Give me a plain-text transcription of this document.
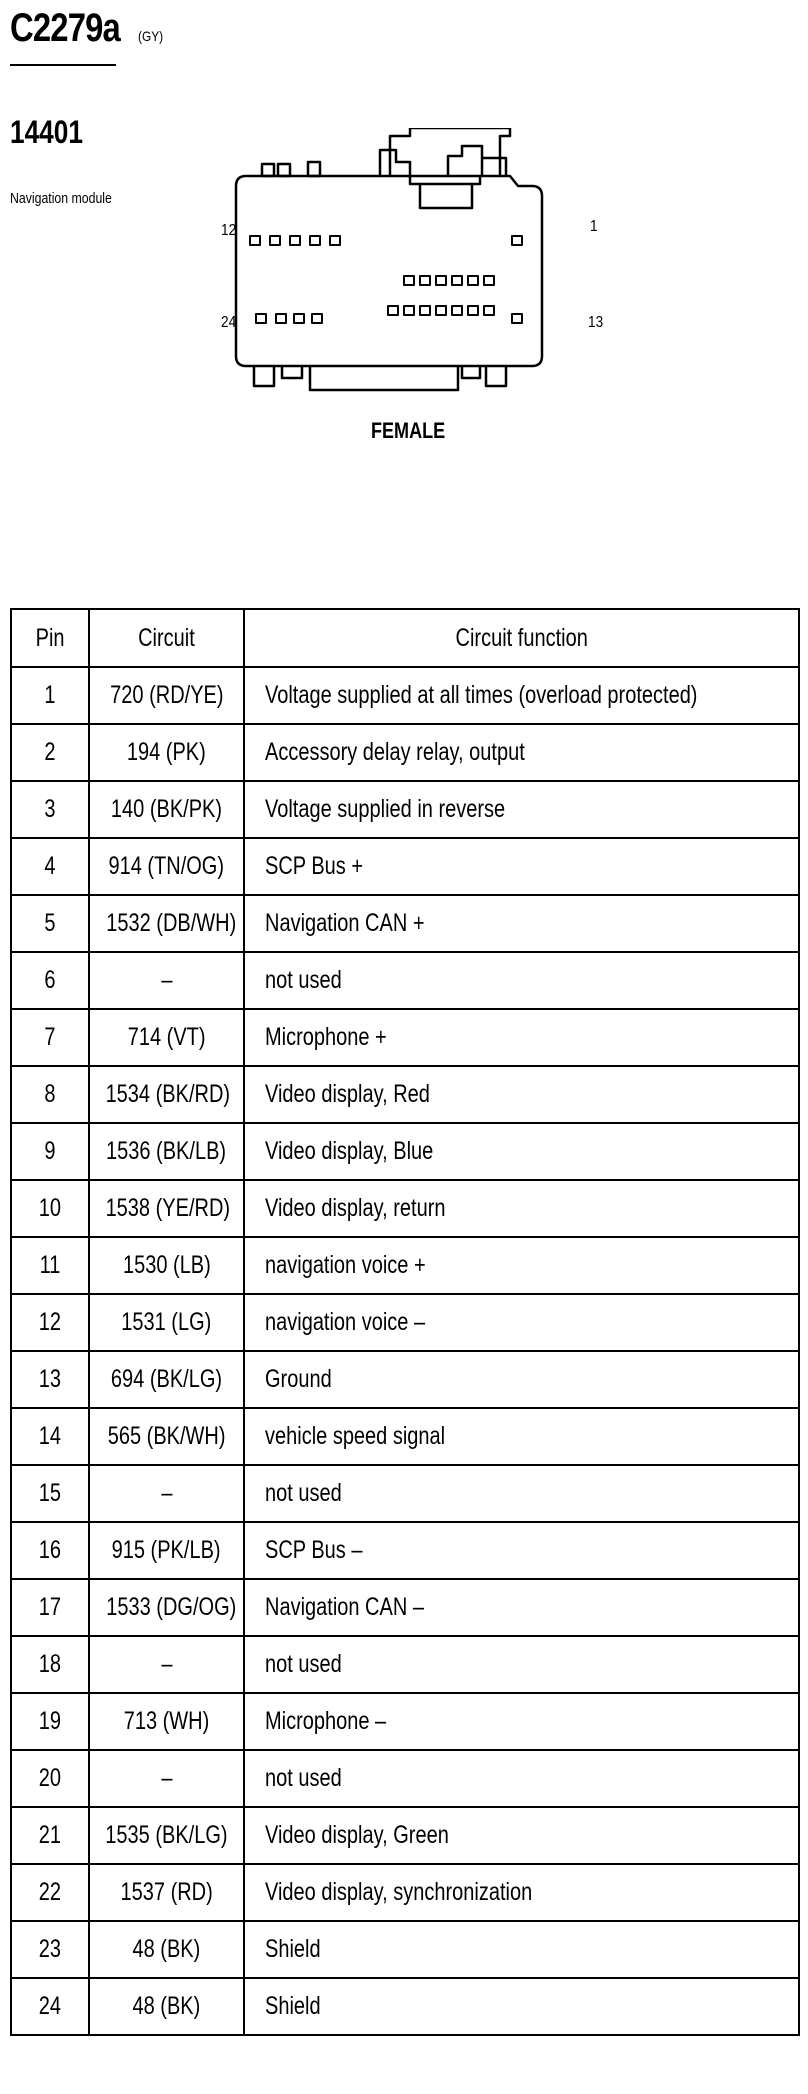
C2279a (GY)
14401
Navigation module
12	1
24	13
FEMALE
Pin	Circuit	Circuit function
1	720 (RD/YE)	Voltage supplied at all times (overload protected)
2	194 (PK)	Accessory delay relay, output
3	140 (BK/PK)	Voltage supplied in reverse
4	914 (TN/OG)	SCP Bus +
5	1532 (DB/WH)	Navigation CAN +
6	–	not used
7	714 (VT)	Microphone +
8	1534 (BK/RD)	Video display, Red
9	1536 (BK/LB)	Video display, Blue
10	1538 (YE/RD)	Video display, return
11	1530 (LB)	navigation voice +
12	1531 (LG)	navigation voice –
13	694 (BK/LG)	Ground
14	565 (BK/WH)	vehicle speed signal
15	–	not used
16	915 (PK/LB)	SCP Bus –
17	1533 (DG/OG)	Navigation CAN –
18	–	not used
19	713 (WH)	Microphone –
20	–	not used
21	1535 (BK/LG)	Video display, Green
22	1537 (RD)	Video display, synchronization
23	48 (BK)	Shield
24	48 (BK)	Shield
